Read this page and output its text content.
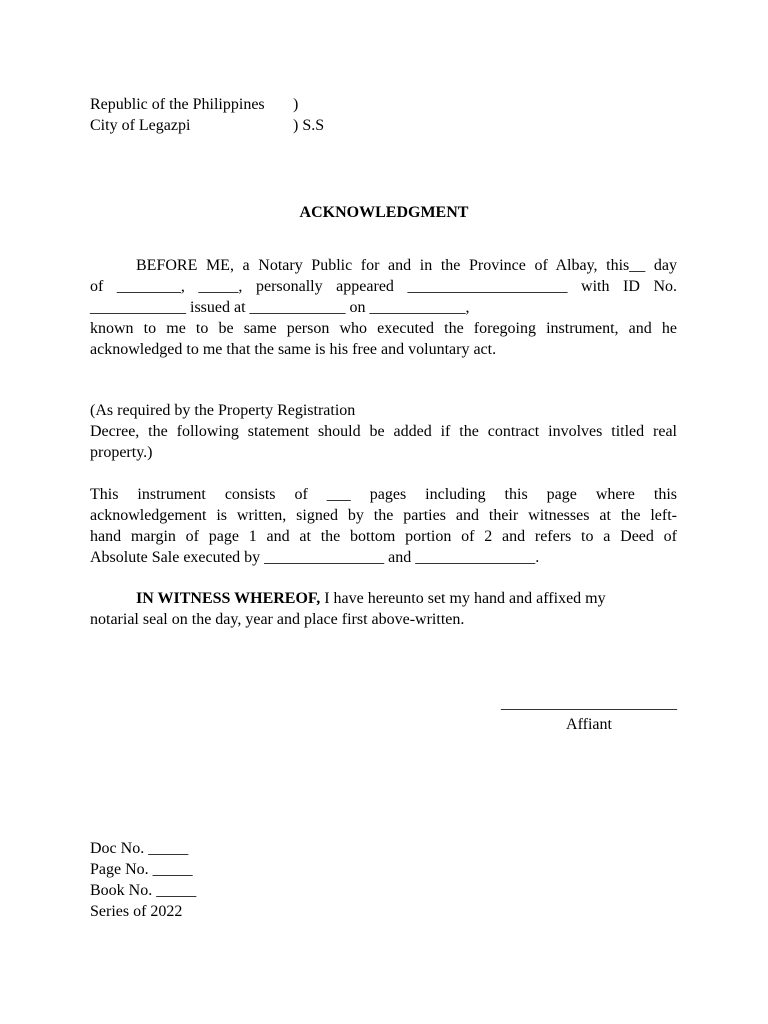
Republic of the Philippines )
City of Legazpi	) S.S
ACKNOWLEDGMENT
BEFORE ME, a Notary Public for and in the Province of Albay, this__ day
of ________, _____, personally appeared ____________________ with ID No.
____________ issued at ____________ on ____________,
known to me to be same person who executed the foregoing instrument, and he
acknowledged to me that the same is his free and voluntary act.
(As required by the Property Registration
Decree, the following statement should be added if the contract involves titled real
property.)
This instrument consists of ___ pages including this page where this
acknowledgement is written, signed by the parties and their witnesses at the left-
hand margin of page 1 and at the bottom portion of 2 and refers to a Deed of
Absolute Sale executed by _______________ and _______________.
IN WITNESS WHEREOF, I have hereunto set my hand and affixed my
notarial seal on the day, year and place first above-written.
______________________
Affiant
Doc No. _____
Page No. _____
Book No. _____
Series of 2022
